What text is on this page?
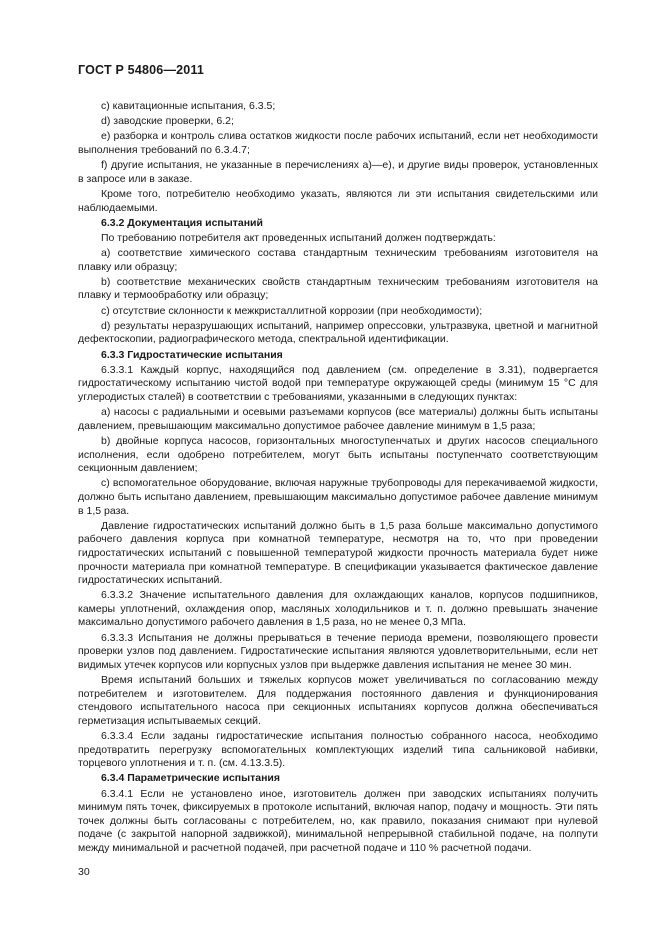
ГОСТ Р 54806—2011

c) кавитационные испытания, 6.3.5;

d) заводские проверки, 6.2;

e) разборка и контроль слива остатков жидкости после рабочих испытаний, если нет необходимости выполнения требований по 6.3.4.7;

f) другие испытания, не указанные в перечислениях а)—е), и другие виды проверок, установленных в запросе или в заказе.

Кроме того, потребителю необходимо указать, являются ли эти испытания свидетельскими или наблюдаемыми.

6.3.2 Документация испытаний

По требованию потребителя акт проведенных испытаний должен подтверждать:

a) соответствие химического состава стандартным техническим требованиям изготовителя на плавку или образцу;

b) соответствие механических свойств стандартным техническим требованиям изготовителя на плавку и термообработку или образцу;

c) отсутствие склонности к межкристаллитной коррозии (при необходимости);

d) результаты неразрушающих испытаний, например опрессовки, ультразвука, цветной и магнитной дефектоскопии, радиографического метода, спектральной идентификации.

6.3.3 Гидростатические испытания

6.3.3.1 Каждый корпус, находящийся под давлением (см. определение в 3.31), подвергается гидростатическому испытанию чистой водой при температуре окружающей среды (минимум 15 °С для углеродистых сталей) в соответствии с требованиями, указанными в следующих пунктах:

a) насосы с радиальными и осевыми разъемами корпусов (все материалы) должны быть испытаны давлением, превышающим максимально допустимое рабочее давление минимум в 1,5 раза;

b) двойные корпуса насосов, горизонтальных многоступенчатых и других насосов специального исполнения, если одобрено потребителем, могут быть испытаны поступенчато соответствующим секционным давлением;

c) вспомогательное оборудование, включая наружные трубопроводы для перекачиваемой жидкости, должно быть испытано давлением, превышающим максимально допустимое рабочее давление минимум в 1,5 раза.

Давление гидростатических испытаний должно быть в 1,5 раза больше максимально допустимого рабочего давления корпуса при комнатной температуре, несмотря на то, что при проведении гидростатических испытаний с повышенной температурой жидкости прочность материала будет ниже прочности материала при комнатной температуре. В спецификации указывается фактическое давление гидростатических испытаний.

6.3.3.2 Значение испытательного давления для охлаждающих каналов, корпусов подшипников, камеры уплотнений, охлаждения опор, масляных холодильников и т. п. должно превышать значение максимально допустимого рабочего давления в 1,5 раза, но не менее 0,3 МПа.

6.3.3.3 Испытания не должны прерываться в течение периода времени, позволяющего провести проверки узлов под давлением. Гидростатические испытания являются удовлетворительными, если нет видимых утечек корпусов или корпусных узлов при выдержке давления испытания не менее 30 мин.

Время испытаний больших и тяжелых корпусов может увеличиваться по согласованию между потребителем и изготовителем. Для поддержания постоянного давления и функционирования стендового испытательного насоса при секционных испытаниях корпусов должна обеспечиваться герметизация испытываемых секций.

6.3.3.4 Если заданы гидростатические испытания полностью собранного насоса, необходимо предотвратить перегрузку вспомогательных комплектующих изделий типа сальниковой набивки, торцевого уплотнения и т. п. (см. 4.13.3.5).

6.3.4 Параметрические испытания

6.3.4.1 Если не установлено иное, изготовитель должен при заводских испытаниях получить минимум пять точек, фиксируемых в протоколе испытаний, включая напор, подачу и мощность. Эти пять точек должны быть согласованы с потребителем, но, как правило, показания снимают при нулевой подаче (с закрытой напорной задвижкой), минимальной непрерывной стабильной подаче, на полпути между минимальной и расчетной подачей, при расчетной подаче и 110 % расчетной подачи.

30
